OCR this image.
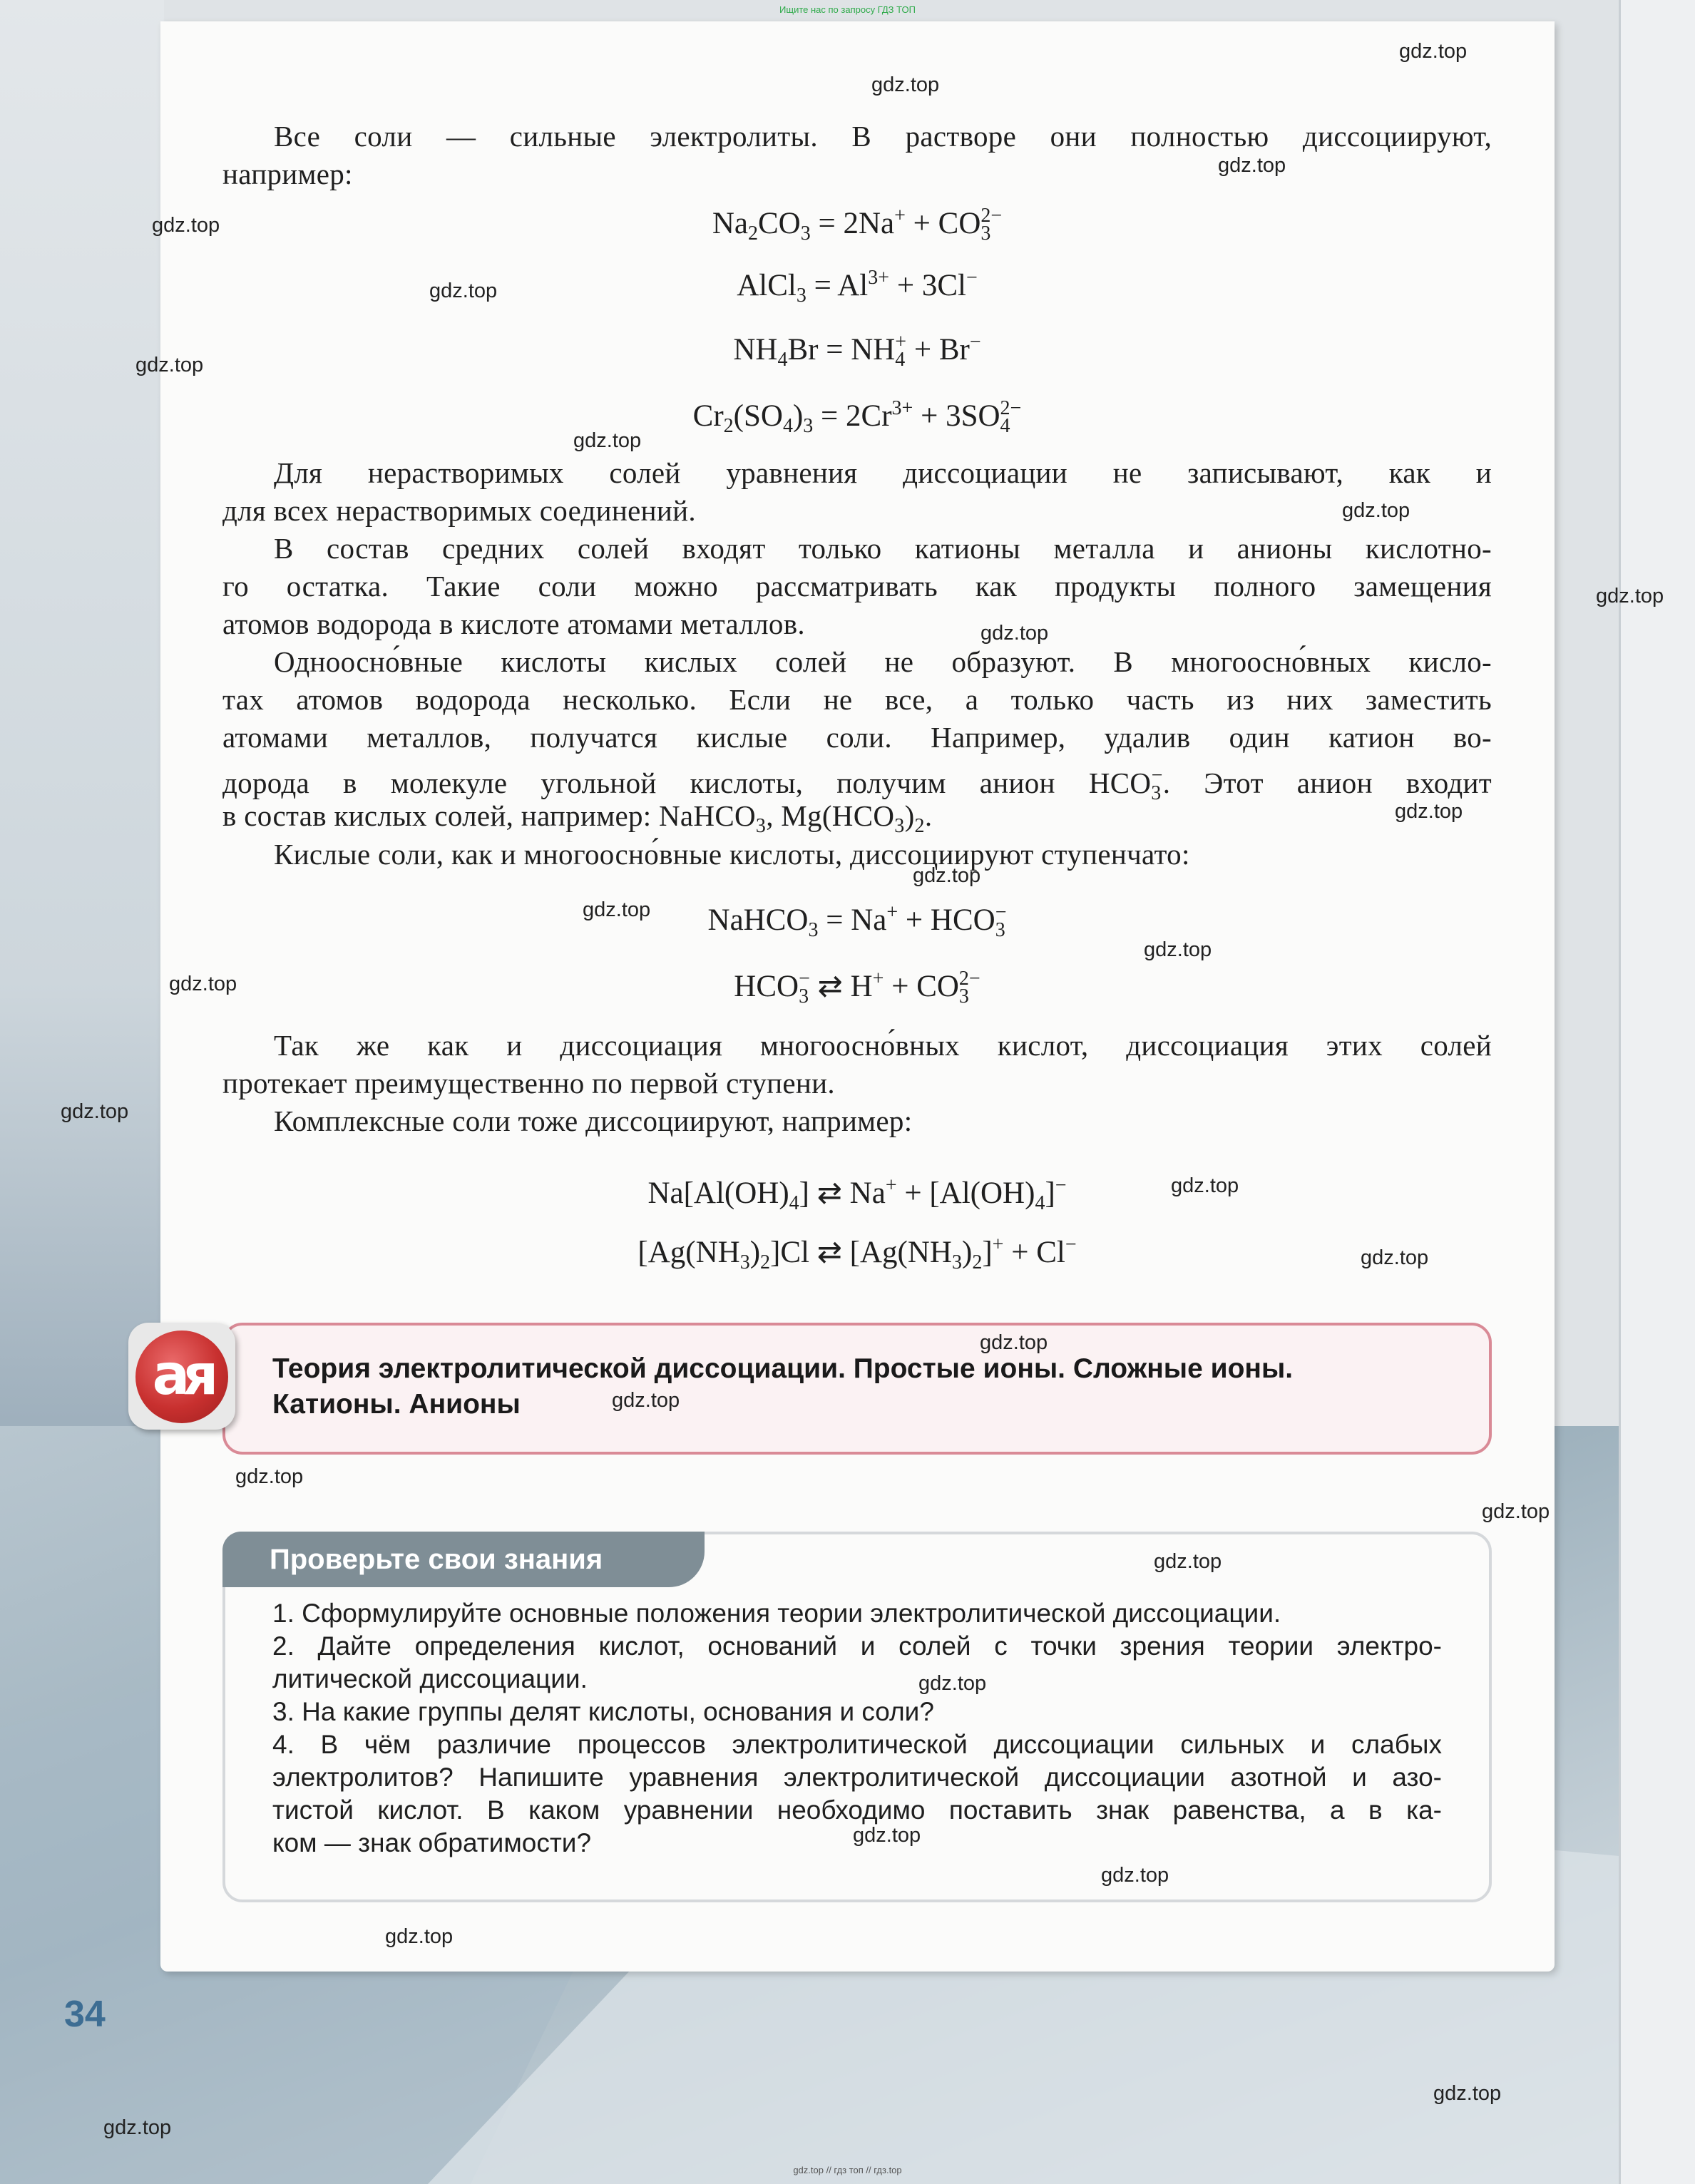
Ищите нас по запросу ГДЗ ТОП
Все соли — сильные электролиты. В растворе они полностью диссоциируют,
например:
$Na_2CO_3 = 2Na^+ + CO_3^{2-}$
AlCl$_3$ = $Al^{3+} + 3Cl^-$
$NH_4Br = NH_4^+ + Br^-$
$Cr_2(SO_4)_3 = 2Cr^{3+} + 3SO_4^{2-}$
Для нерастворимых солей уравнения диссоциации не записывают, как и
для всех нерастворимых соединений.
В состав средних солей входят только катионы металла и анионы кислотно-
го остатка. Такие соли можно рассматривать как продукты полного замещения
атомов водорода в кислоте атомами металлов.
Одноосно́вные кислоты кислых солей не образуют. В многоосно́вных кисло-
тах атомов водорода несколько. Если не все, а только часть из них заместить
атомами металлов, получатся кислые соли. Например, удалив один катион во-
дорода в молекуле угольной кислоты, получим анион $HCO_3^-$. Этот анион входит
в состав кислых солей, например: NaHCO$_3$, $Mg(HCO_3)_2$.
Кислые соли, как и многоосно́вные кислоты, диссоциируют ступенчато:
NaHCO$_3$ = $Na^+ + HCO_3^-$
$HCO_3^-$ ⇄ $H^+ + CO_3^{2-}$
Так же как и диссоциация многоосно́вных кислот, диссоциация этих солей
протекает преимущественно по первой ступени.
Комплексные соли тоже диссоциируют, например:
$Na[Al(OH)_4]$ ⇄ $Na^+ + [Al(OH)_4]^-$
$[Ag(NH_3)_2]Cl$ ⇄ $[Ag(NH_3)_2]^+ + Cl^-$
ая	Теория электролитической диссоциации. Простые ионы. Сложные ионы.
Катионы. Анионы
Проверьте свои знания
1. Сформулируйте основные положения теории электролитической диссоциации.
2. Дайте определения кислот, оснований и солей с точки зрения теории электро-
литической диссоциации.
3. На какие группы делят кислоты, основания и соли?
4. В чём различие процессов электролитической диссоциации сильных и слабых
электролитов? Напишите уравнения электролитической диссоциации азотной и азо-
тистой кислот. В каком уравнении необходимо поставить знак равенства, а в ка-
ком — знак обратимости?
34
gdz.top
gdz.top
gdz.top
gdz.top
gdz.top
gdz.top
gdz.top
gdz.top
gdz.top
gdz.top
gdz.top
gdz.top
gdz.top
gdz.top
gdz.top
gdz.top
gdz.top
gdz.top
gdz.top
gdz.top
gdz.top
gdz.top
gdz.top
gdz.top
gdz.top
gdz.top
gdz.top
gdz.top
gdz.top
gdz.top // гдз топ // гдз.top
